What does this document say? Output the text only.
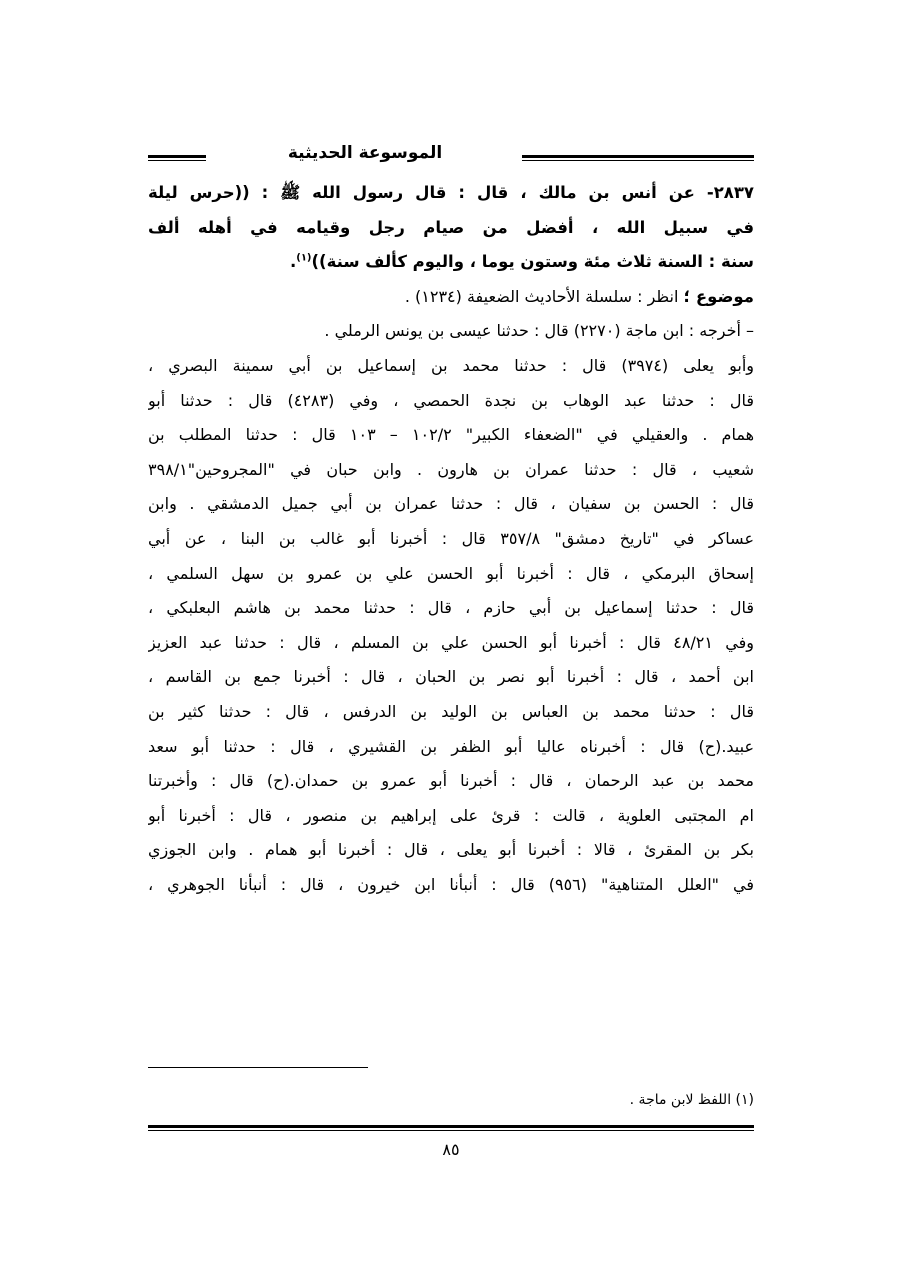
الموسوعة الحديثية
٢٨٣٧- عن أنس بن مالك ، قال : قال رسول الله ﷺ : ((حرس ليلة
في سبيل الله ، أفضل من صيام رجل وقيامه في أهله ألف
سنة : السنة ثلاث مئة وستون يوما ، واليوم كألف سنة))$^{(١)}$.
موضوع ؛ انظر : سلسلة الأحاديث الضعيفة (١٢٣٤) .
– أخرجه : ابن ماجة (٢٢٧٠) قال : حدثنا عيسى بن يونس الرملي .
وأبو يعلى (٣٩٧٤) قال : حدثنا محمد بن إسماعيل بن أبي سمينة البصري ،
قال : حدثنا عبد الوهاب بن نجدة الحمصي ، وفي (٤٢٨٣) قال : حدثنا أبو
همام . والعقيلي في "الضعفاء الكبير" ١٠٢/٢ – ١٠٣ قال : حدثنا المطلب بن
شعيب ، قال : حدثنا عمران بن هارون . وابن حبان في "المجروحين"٣٩٨/١
قال : الحسن بن سفيان ، قال : حدثنا عمران بن أبي جميل الدمشقي . وابن
عساكر في "تاريخ دمشق" ٣٥٧/٨ قال : أخبرنا أبو غالب بن البنا ، عن أبي
إسحاق البرمكي ، قال : أخبرنا أبو الحسن علي بن عمرو بن سهل السلمي ،
قال : حدثنا إسماعيل بن أبي حازم ، قال : حدثنا محمد بن هاشم البعلبكي ،
وفي ٤٨/٢١ قال : أخبرنا أبو الحسن علي بن المسلم ، قال : حدثنا عبد العزيز
ابن أحمد ، قال : أخبرنا أبو نصر بن الحبان ، قال : أخبرنا جمع بن القاسم ،
قال : حدثنا محمد بن العباس بن الوليد بن الدرفس ، قال : حدثنا كثير بن
عبيد.(ح) قال : أخبرناه عاليا أبو الظفر بن القشيري ، قال : حدثنا أبو سعد
محمد بن عبد الرحمان ، قال : أخبرنا أبو عمرو بن حمدان.(ح) قال : وأخبرتنا
ام المجتبى العلوية ، قالت : قرئ على إبراهيم بن منصور ، قال : أخبرنا أبو
بكر بن المقرئ ، قالا : أخبرنا أبو يعلى ، قال : أخبرنا أبو همام . وابن الجوزي
في "العلل المتناهية" (٩٥٦) قال : أنبأنا ابن خيرون ، قال : أنبأنا الجوهري ،
(١) اللفظ لابن ماجة .
٨٥
